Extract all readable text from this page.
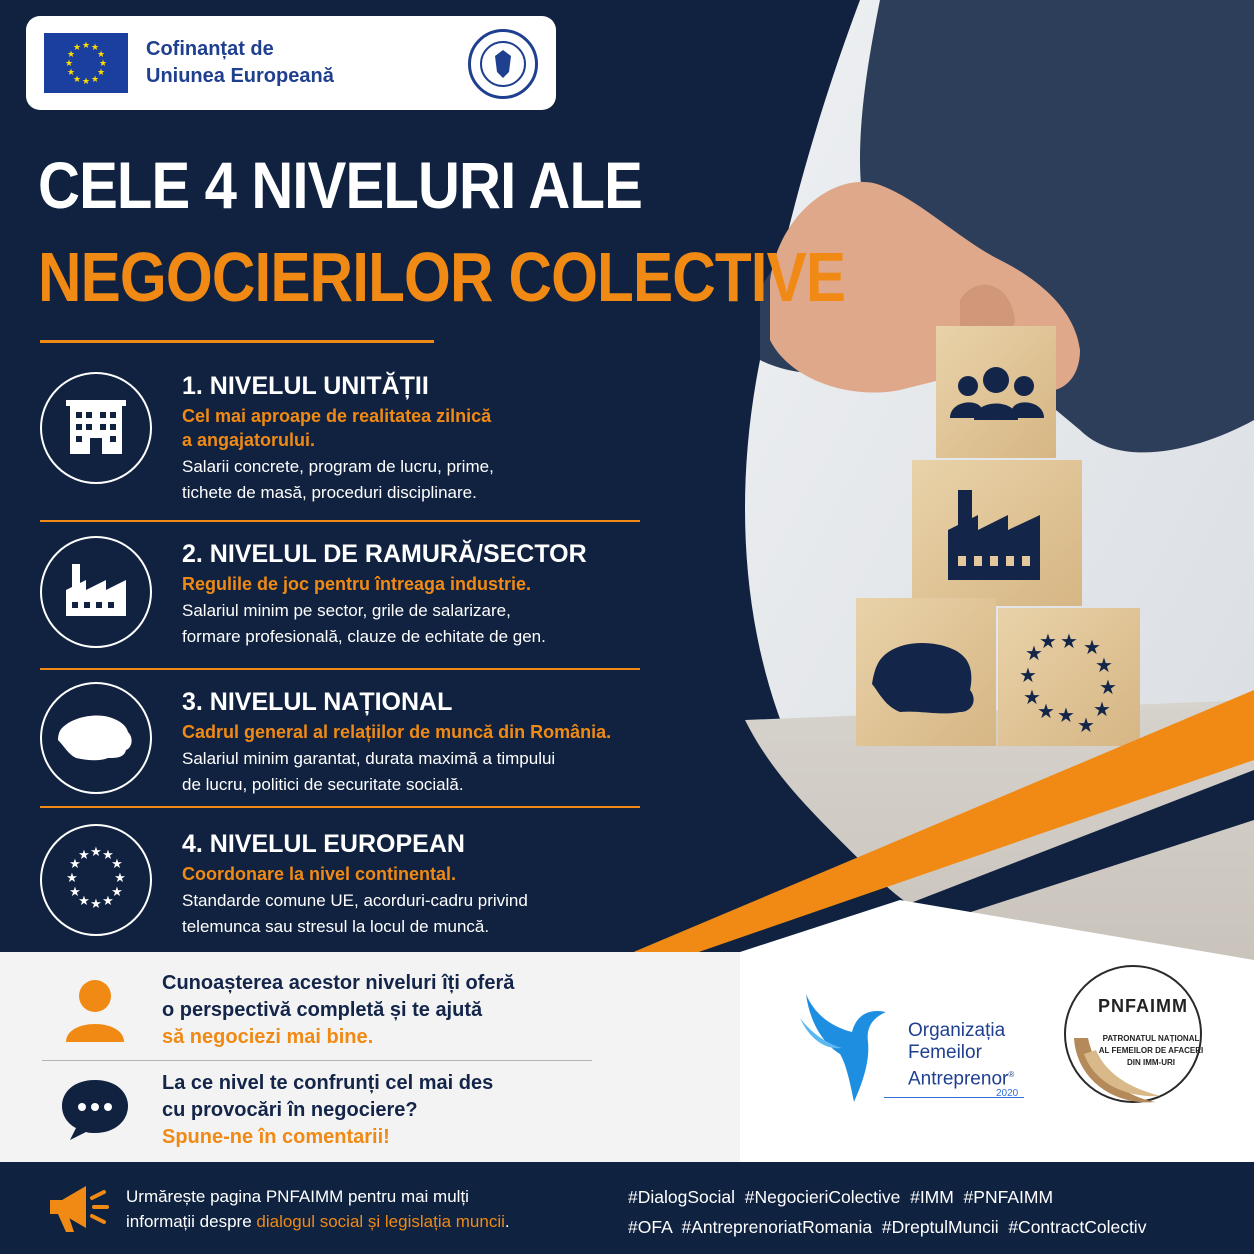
★ ★
★
★
★
★
★
★
★
★
★
★
★ ★
★
★
★
★
★
★
★
★
★
★	Cofinanțat de
Uniunea Europeană
CELE 4 NIVELURI ALE
NEGOCIERILOR COLECTIVE
1. NIVELUL UNITĂȚII
Cel mai aproape de realitatea zilnică
a angajatorului.
Salarii concrete, program de lucru, prime,
tichete de masă, proceduri disciplinare.
2. NIVELUL DE RAMURĂ/SECTOR
Regulile de joc pentru întreaga industrie.
Salariul minim pe sector, grile de salarizare,
formare profesională, clauze de echitate de gen.
3. NIVELUL NAȚIONAL
Cadrul general al relațiilor de muncă din România.
Salariul minim garantat, durata maximă a timpului
de lucru, politici de securitate socială.
★ ★
★
★
★
★
★
★
★
★
★
★	4. NIVELUL EUROPEAN
Coordonare la nivel continental.
Standarde comune UE, acorduri-cadru privind
telemunca sau stresul la locul de muncă.
Cunoașterea acestor niveluri îți oferă
o perspectivă completă și te ajută
să negociezi mai bine.
La ce nivel te confrunți cel mai des
cu provocări în negociere?
Spune-ne în comentarii!
Organizația
Femeilor
Antreprenor®
2020
PNFAIMM
PATRONATUL NAȚIONAL
AL FEMEILOR DE AFACERI
DIN IMM-URI
Urmărește pagina PNFAIMM pentru mai mulți
informații despre dialogul social și legislația muncii.
#DialogSocial  #NegocieriColective  #IMM  #PNFAIMM
#OFA  #AntreprenoriatRomania  #DreptulMuncii  #ContractColectiv
